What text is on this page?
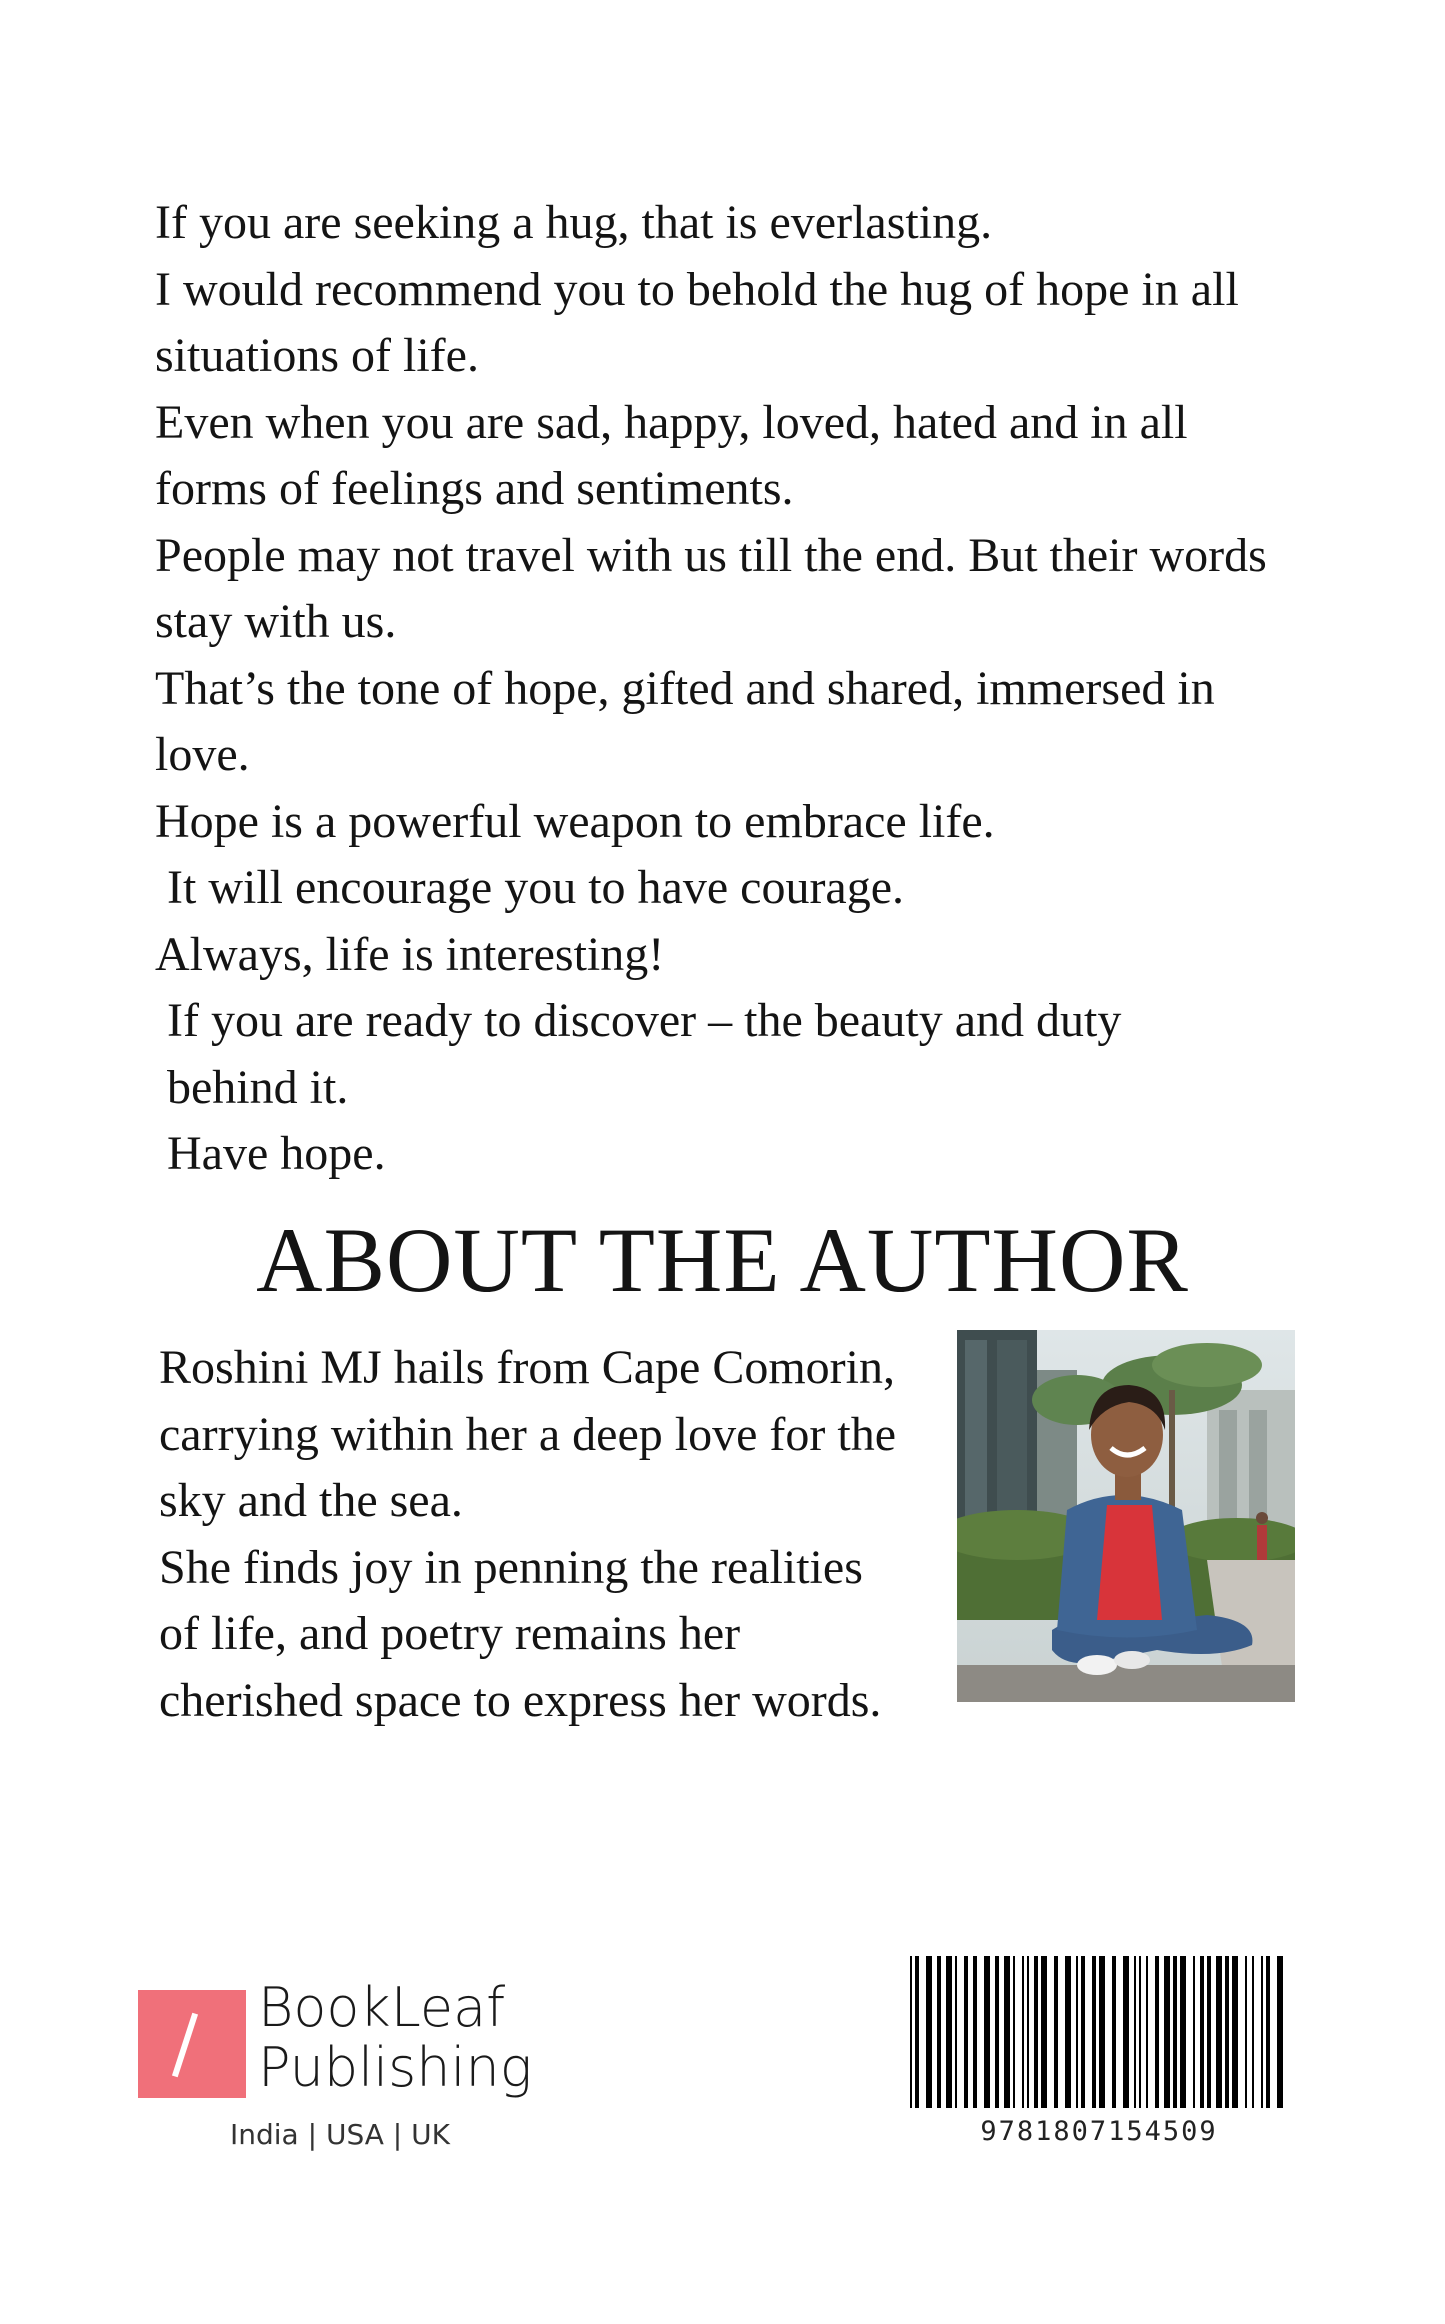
If you are seeking a hug, that is everlasting.
I would recommend you to behold the hug of hope in all
situations of life.
Even when you are sad, happy, loved, hated and in all
forms of feelings and sentiments.
People may not travel with us till the end. But their words
stay with us.
That’s the tone of hope, gifted and shared, immersed in
love.
Hope is a powerful weapon to embrace life.
It will encourage you to have courage.
Always, life is interesting!
If you are ready to discover – the beauty and duty
behind it.
Have hope.
ABOUT THE AUTHOR
Roshini MJ hails from Cape Comorin,
carrying within her a deep love for the
sky and the sea.
She finds joy in penning the realities
of life, and poetry remains her
cherished space to express her words.
BookLeaf
Publishing
India | USA | UK	9781807154509
